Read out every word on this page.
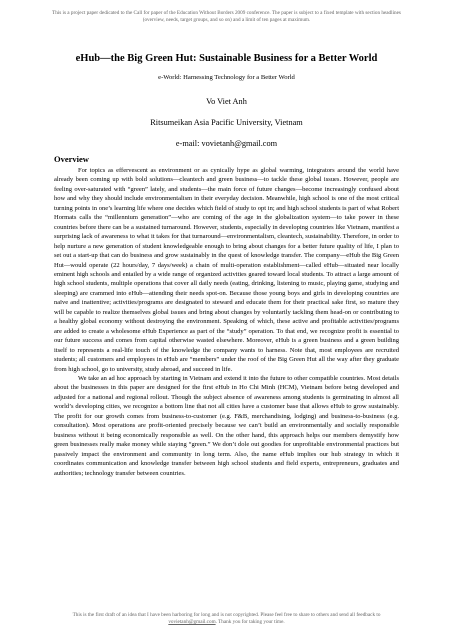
This is a project paper dedicated to the Call for paper of the Education Without Borders 2009 conference. The paper is subject to a fixed template with section headlines (overview, needs, target groups, and so on) and a limit of ten pages at maximum.
eHub—the Big Green Hut: Sustainable Business for a Better World
e-World: Harnessing Technology for a Better World
Vo Viet Anh
Ritsumeikan Asia Pacific University, Vietnam
e-mail: vovietanh@gmail.com
Overview

For topics as effervescent as environment or as cynically hype as global warming, integrators around the world have already been coming up with bold solutions—cleantech and green business—to tackle these global issues. However, people are feeling over-saturated with “green” lately, and students—the main force of future changes—become increasingly confused about how and why they should include environmentalism in their everyday decision. Meanwhile, high school is one of the most critical turning points in one’s learning life where one decides which field of study to opt in; and high school students is part of what Robert Hormats calls the “millennium generation”—who are coming of the age in the globalization system—to take power in these countries before there can be a sustained turnaround. However, students, especially in developing countries like Vietnam, manifest a surprising lack of awareness to what it takes for that turnaround—environmentalism, cleantech, sustainability. Therefore, in order to help nurture a new generation of student knowledgeable enough to bring about changes for a better future quality of life, I plan to set out a start-up that can do business and grow sustainably in the quest of knowledge transfer. The company—eHub the Big Green Hut—would operate (22 hours/day, 7 days/week) a chain of multi-operation establishment—called eHub—situated near locally eminent high schools and entailed by a wide range of organized activities geared toward local students. To attract a large amount of high school students, multiple operations that cover all daily needs (eating, drinking, listening to music, playing game, studying and sleeping) are crammed into eHub—attending their needs spot-on. Because those young boys and girls in developing countries are naïve and inattentive; activities/programs are designated to steward and educate them for their practical sake first, so mature they will be capable to realize themselves global issues and bring about changes by voluntarily tackling them head-on or contributing to a healthy global economy without destroying the environment. Speaking of which, these active and profitable activities/programs are added to create a wholesome eHub Experience as part of the “study” operation. To that end, we recognize profit is essential to our future success and comes from capital otherwise wasted elsewhere. Moreover, eHub is a green business and a green building itself to represents a real-life touch of the knowledge the company wants to harness. Note that, most employees are recruited students; all customers and employees in eHub are “members” under the roof of the Big Green Hut all the way after they graduate from high school, go to university, study abroad, and succeed in life.

We take an ad hoc approach by starting in Vietnam and extend it into the future to other compatible countries. Most details about the businesses in this paper are designed for the first eHub in Ho Chi Minh (HCM), Vietnam before being developed and adjusted for a national and regional rollout. Though the subject absence of awareness among students is germinating in almost all world’s developing cities, we recognize a bottom line that not all cities have a customer base that allows eHub to grow sustainably. The profit for our growth comes from business-to-customer (e.g. F&B, merchandising, lodging) and business-to-business (e.g. consultation). Most operations are profit-oriented precisely because we can’t build an environmentally and socially responsible business without it being economically responsible as well. On the other hand, this approach helps our members demystify how green businesses really make money while staying “green.” We don’t dole out goodies for unprofitable environmental practices but passively impact the environment and community in long term. Also, the name eHub implies our hub strategy in which it coordinates communication and knowledge transfer between high school students and field experts, entrepreneurs, graduates and authorities; technology transfer between countries.

This is the first draft of an idea that I have been harboring for long and is not copyrighted. Please feel free to share to others and send all feedback to vovietanh@gmail.com. Thank you for taking your time.
